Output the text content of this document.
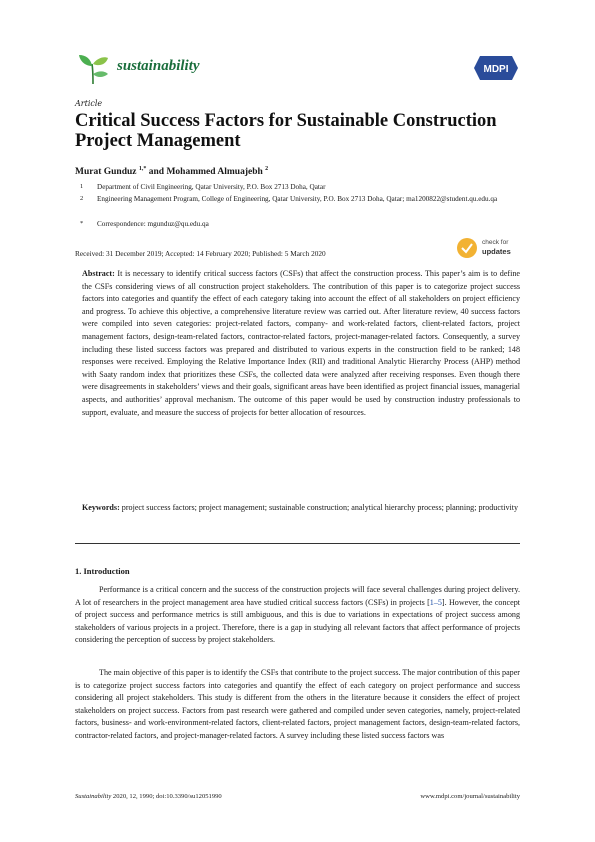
sustainability	MDPI
Article
Critical Success Factors for Sustainable Construction Project Management
Murat Gunduz $^{1,*}$ and Mohammed Almuajebh $^2$
1 Department of Civil Engineering, Qatar University, P.O. Box 2713 Doha, Qatar
2 Engineering Management Program, College of Engineering, Qatar University, P.O. Box 2713 Doha, Qatar; ma1200822@student.qu.edu.qa
* Correspondence: mgunduz@qu.edu.qa
Received: 31 December 2019; Accepted: 14 February 2020; Published: 5 March 2020
check for
updates
Abstract: It is necessary to identify critical success factors (CSFs) that affect the construction process. This paper’s aim is to define the CSFs considering views of all construction project stakeholders. The contribution of this paper is to categorize project success factors into categories and quantify the effect of each category taking into account the effect of all stakeholders on project efficiency and progress. To achieve this objective, a comprehensive literature review was carried out. After literature review, 40 success factors were compiled into seven categories: project-related factors, company- and work-related factors, client-related factors, project management factors, design-team-related factors, contractor-related factors, project-manager-related factors. Consequently, a survey including these listed success factors was prepared and distributed to various experts in the construction field to be ranked; 148 responses were received. Employing the Relative Importance Index (RII) and traditional Analytic Hierarchy Process (AHP) method with Saaty random index that prioritizes these CSFs, the collected data were analyzed after receiving responses. Even though there were disagreements in stakeholders’ views and their goals, significant areas have been identified as project financial issues, managerial aspects, and authorities’ approval mechanism. The outcome of this paper would be used by construction industry professionals to support, evaluate, and measure the success of projects for better allocation of resources.
Keywords: project success factors; project management; sustainable construction; analytical hierarchy process; planning; productivity
1. Introduction
Performance is a critical concern and the success of the construction projects will face several challenges during project delivery. A lot of researchers in the project management area have studied critical success factors (CSFs) in projects [1–5]. However, the concept of project success and performance metrics is still ambiguous, and this is due to variations in expectations of project success among stakeholders of various projects in a project. Therefore, there is a gap in studying all relevant factors that affect performance of projects considering the perception of success by project stakeholders.
The main objective of this paper is to identify the CSFs that contribute to the project success. The major contribution of this paper is to categorize project success factors into categories and quantify the effect of each category on project performance and success considering all project stakeholders. This study is different from the others in the literature because it considers the effect of project stakeholders on project success. Factors from past research were gathered and compiled under seven categories, namely, project-related factors, business- and work-environment-related factors, client-related factors, project management factors, design-team-related factors, contractor-related factors, and project-manager-related factors. A survey including these listed success factors was
Sustainability 2020, 12, 1990; doi:10.3390/su12051990	www.mdpi.com/journal/sustainability
